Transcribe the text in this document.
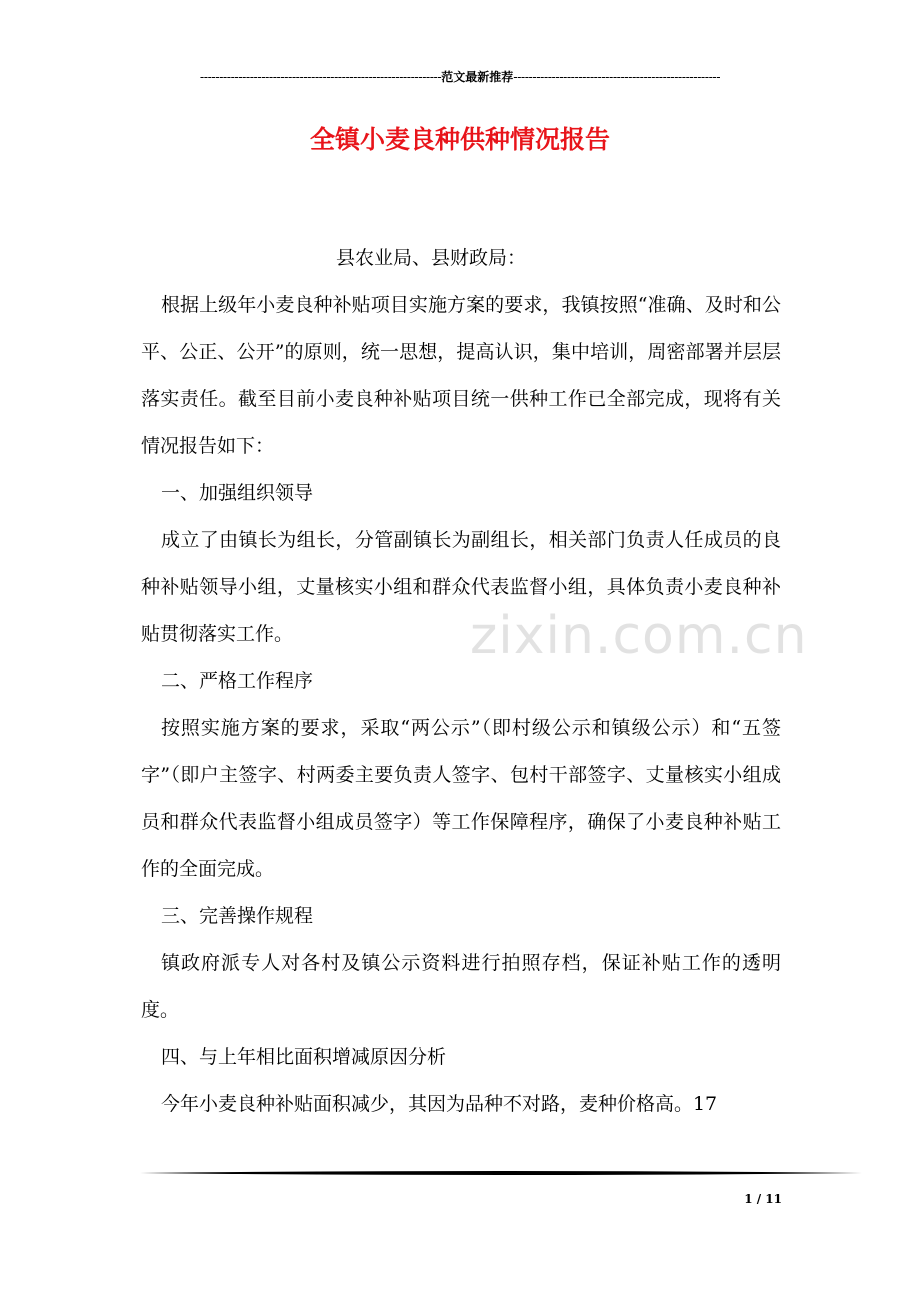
---------------------------------------------------------------范文最新推荐------------------------------------------------------
全镇小麦良种供种情况报告

县农业局、县财政局：

根据上级年小麦良种补贴项目实施方案的要求，我镇按照“准确、及时和公平、公正、公开”的原则，统一思想，提高认识，集中培训，周密部署并层层落实责任。截至目前小麦良种补贴项目统一供种工作已全部完成，现将有关情况报告如下：

一、加强组织领导

成立了由镇长为组长，分管副镇长为副组长，相关部门负责人任成员的良种补贴领导小组，丈量核实小组和群众代表监督小组，具体负责小麦良种补贴贯彻落实工作。

二、严格工作程序

按照实施方案的要求，采取“两公示”（即村级公示和镇级公示）和“五签字”（即户主签字、村两委主要负责人签字、包村干部签字、丈量核实小组成员和群众代表监督小组成员签字）等工作保障程序，确保了小麦良种补贴工作的全面完成。

三、完善操作规程

镇政府派专人对各村及镇公示资料进行拍照存档，保证补贴工作的透明度。

四、与上年相比面积增减原因分析

今年小麦良种补贴面积减少，其因为品种不对路，麦种价格高。17

zixin.com.cn
1 / 11
